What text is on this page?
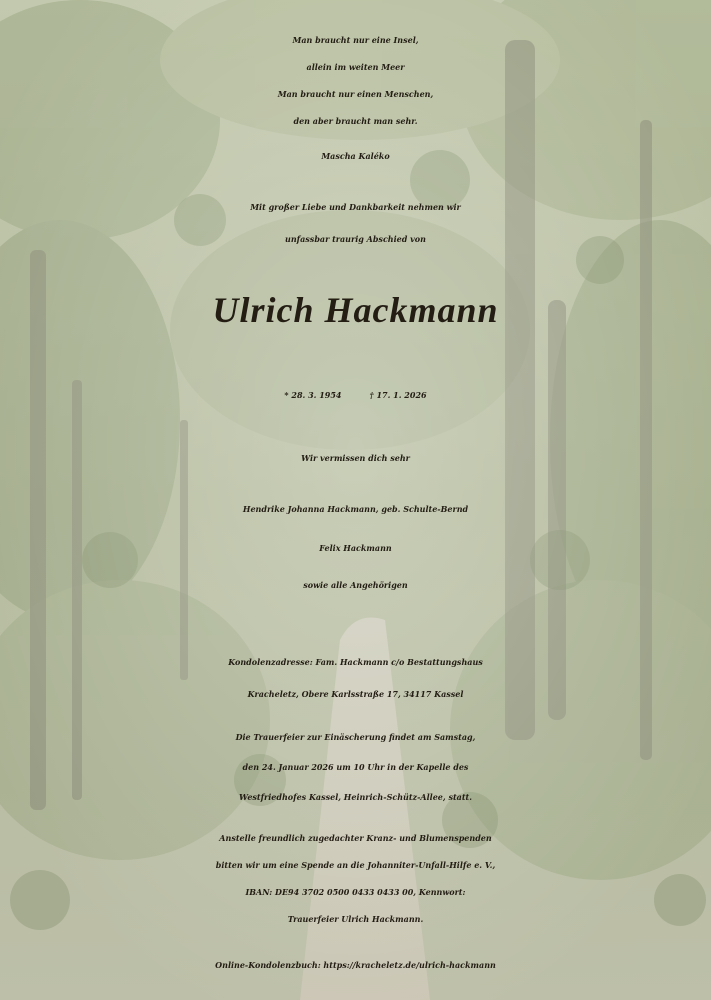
Man braucht nur eine Insel,
allein im weiten Meer
Man braucht nur einen Menschen,
den aber braucht man sehr.
Mascha Kaléko
Mit großer Liebe und Dankbarkeit nehmen wir
unfassbar traurig Abschied von
Ulrich Hackmann
* 28. 3. 1954	† 17. 1. 2026
Wir vermissen dich sehr
Hendrike Johanna Hackmann, geb. Schulte-Bernd
Felix Hackmann
sowie alle Angehörigen
Kondolenzadresse: Fam. Hackmann c/o Bestattungshaus
Kracheletz, Obere Karlsstraße 17, 34117 Kassel
Die Trauerfeier zur Einäscherung findet am Samstag,
den 24. Januar 2026 um 10 Uhr in der Kapelle des
Westfriedhofes Kassel, Heinrich-Schütz-Allee, statt.
Anstelle freundlich zugedachter Kranz- und Blumenspenden
bitten wir um eine Spende an die Johanniter-Unfall-Hilfe e. V.,
IBAN: DE94 3702 0500 0433 0433 00, Kennwort:
Trauerfeier Ulrich Hackmann.
Online-Kondolenzbuch: https://kracheletz.de/ulrich-hackmann
